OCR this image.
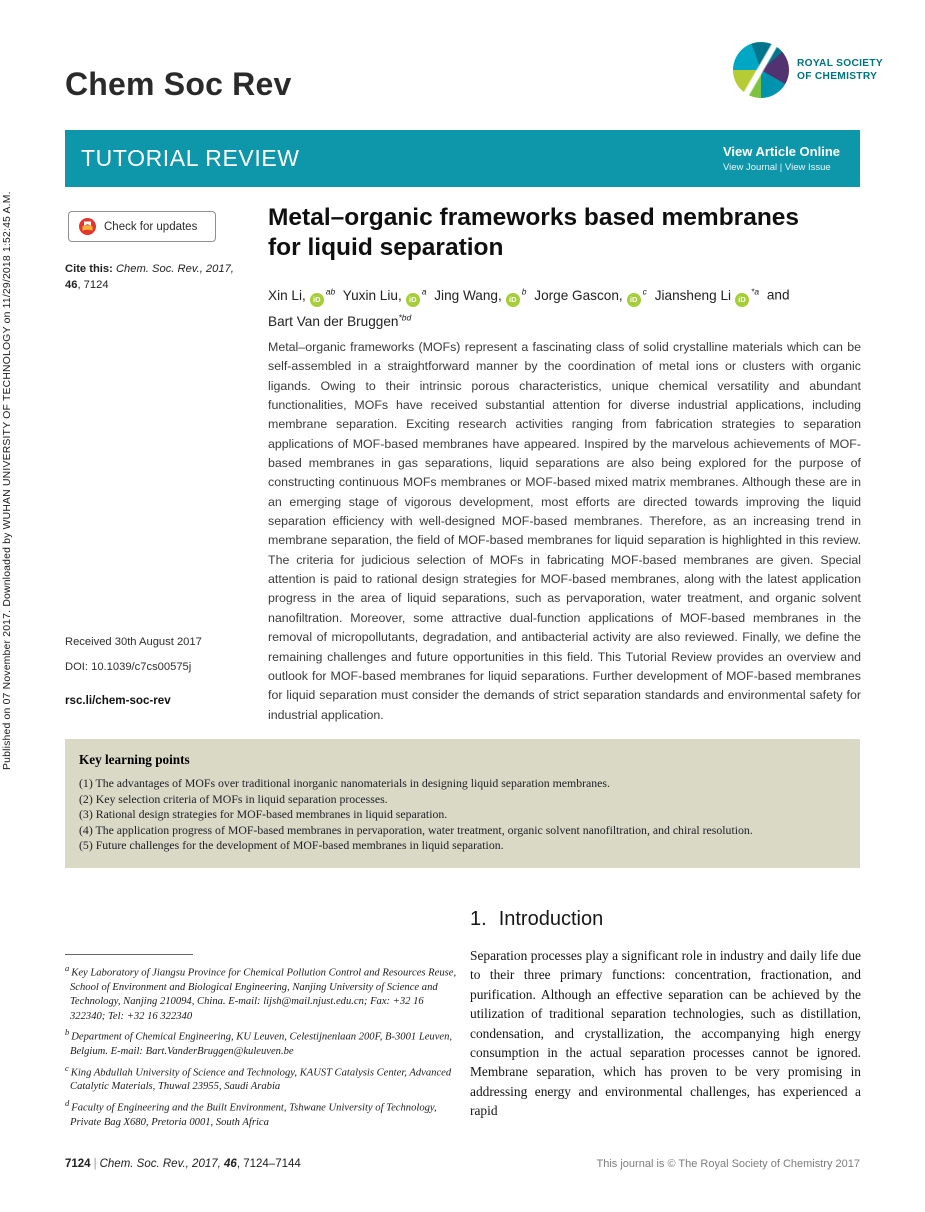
Published on 07 November 2017. Downloaded by WUHAN UNIVERSITY OF TECHNOLOGY on 11/29/2018 1:52:45 A.M.
Chem Soc Rev
ROYAL SOCIETY
OF CHEMISTRY
TUTORIAL REVIEW	View Article Online
View Journal | View Issue
Check for updates
Cite this: Chem. Soc. Rev., 2017, 46, 7124
Metal–organic frameworks based membranes
for liquid separation
Xin Li, $iD^{ab}$ Yuxin Liu, $iD^a$ Jing Wang, $iD^b$ Jorge Gascon, $iD^c$ Jiansheng Li $iD^{*a}$ and Bart Van der Bruggen$^{*bd}$

Metal–organic frameworks (MOFs) represent a fascinating class of solid crystalline materials which can be self-assembled in a straightforward manner by the coordination of metal ions or clusters with organic ligands. Owing to their intrinsic porous characteristics, unique chemical versatility and abundant functionalities, MOFs have received substantial attention for diverse industrial applications, including membrane separation. Exciting research activities ranging from fabrication strategies to separation applications of MOF-based membranes have appeared. Inspired by the marvelous achievements of MOF-based membranes in gas separations, liquid separations are also being explored for the purpose of constructing continuous MOFs membranes or MOF-based mixed matrix membranes. Although these are in an emerging stage of vigorous development, most efforts are directed towards improving the liquid separation efficiency with well-designed MOF-based membranes. Therefore, as an increasing trend in membrane separation, the field of MOF-based membranes for liquid separation is highlighted in this review. The criteria for judicious selection of MOFs in fabricating MOF-based membranes are given. Special attention is paid to rational design strategies for MOF-based membranes, along with the latest application progress in the area of liquid separations, such as pervaporation, water treatment, and organic solvent nanofiltration. Moreover, some attractive dual-function applications of MOF-based membranes in the removal of micropollutants, degradation, and antibacterial activity are also reviewed. Finally, we define the remaining challenges and future opportunities in this field. This Tutorial Review provides an overview and outlook for MOF-based membranes for liquid separations. Further development of MOF-based membranes for liquid separation must consider the demands of strict separation standards and environmental safety for industrial application.

Received 30th August 2017
DOI: 10.1039/c7cs00575j
rsc.li/chem-soc-rev
Key learning points
(1) The advantages of MOFs over traditional inorganic nanomaterials in designing liquid separation membranes.
(2) Key selection criteria of MOFs in liquid separation processes.
(3) Rational design strategies for MOF-based membranes in liquid separation.
(4) The application progress of MOF-based membranes in pervaporation, water treatment, organic solvent nanofiltration, and chiral resolution.
(5) Future challenges for the development of MOF-based membranes in liquid separation.
1. Introduction

Separation processes play a significant role in industry and daily life due to their three primary functions: concentration, fractionation, and purification. Although an effective separation can be achieved by the utilization of traditional separation technologies, such as distillation, condensation, and crystallization, the accompanying high energy consumption in the actual separation processes cannot be ignored. Membrane separation, which has proven to be very promising in addressing energy and environmental challenges, has experienced a rapid

$^a$ Key Laboratory of Jiangsu Province for Chemical Pollution Control and Resources Reuse, School of Environment and Biological Engineering, Nanjing University of Science and Technology, Nanjing 210094, China. E-mail: lijsh@mail.njust.edu.cn; Fax: +32 16 322340; Tel: +32 16 322340
$^b$ Department of Chemical Engineering, KU Leuven, Celestijnenlaan 200F, B-3001 Leuven, Belgium. E-mail: Bart.VanderBruggen@kuleuven.be
$^c$ King Abdullah University of Science and Technology, KAUST Catalysis Center, Advanced Catalytic Materials, Thuwal 23955, Saudi Arabia
$^d$ Faculty of Engineering and the Built Environment, Tshwane University of Technology, Private Bag X680, Pretoria 0001, South Africa
7124 | Chem. Soc. Rev., 2017, 46, 7124–7144	This journal is © The Royal Society of Chemistry 2017
